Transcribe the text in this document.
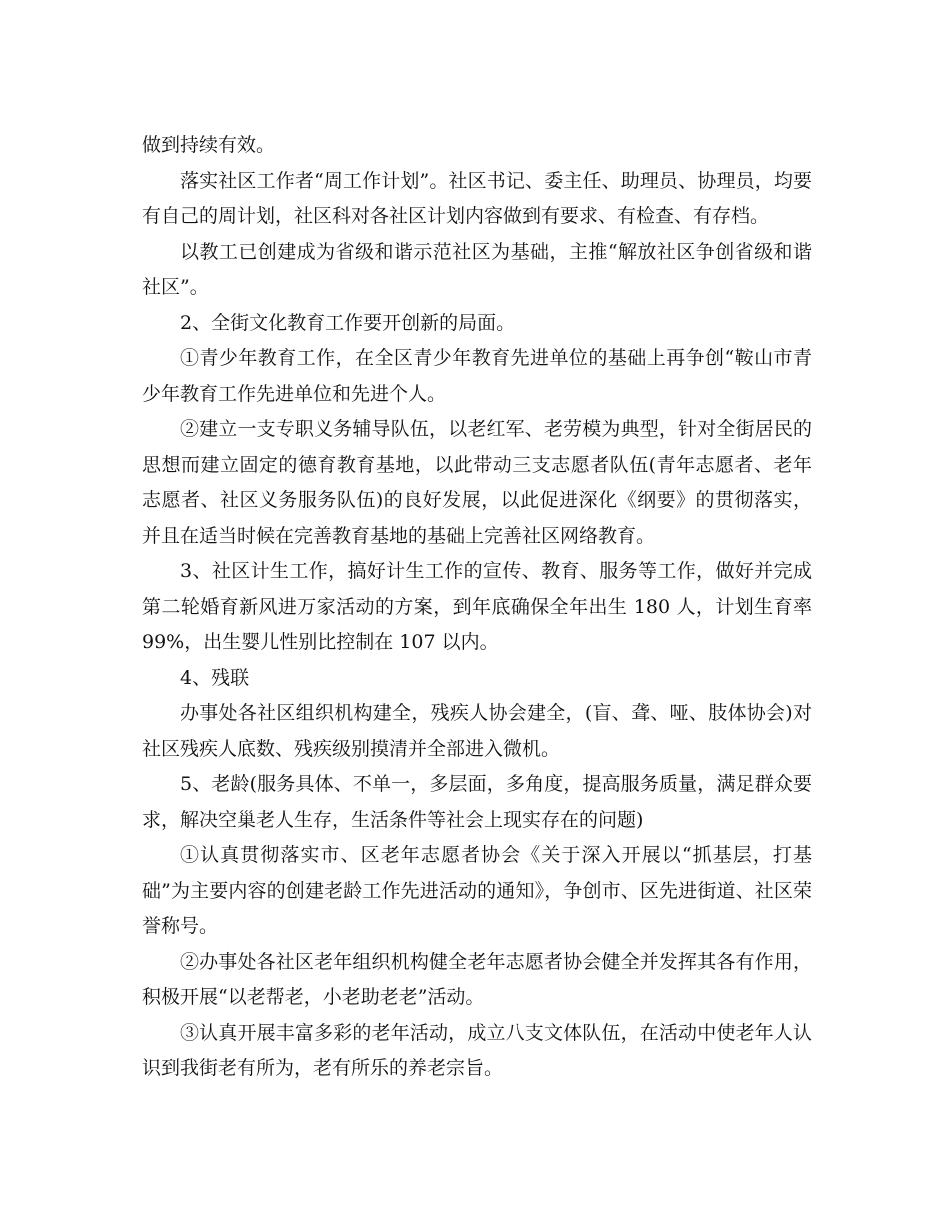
做到持续有效。

落实社区工作者“周工作计划”。社区书记、委主任、助理员、协理员，均要有自己的周计划，社区科对各社区计划内容做到有要求、有检查、有存档。

以教工已创建成为省级和谐示范社区为基础，主推“解放社区争创省级和谐社区”。

2、全街文化教育工作要开创新的局面。

①青少年教育工作，在全区青少年教育先进单位的基础上再争创“鞍山市青少年教育工作先进单位和先进个人。

②建立一支专职义务辅导队伍，以老红军、老劳模为典型，针对全街居民的思想而建立固定的德育教育基地，以此带动三支志愿者队伍(青年志愿者、老年志愿者、社区义务服务队伍)的良好发展，以此促进深化《纲要》的贯彻落实，并且在适当时候在完善教育基地的基础上完善社区网络教育。

3、社区计生工作，搞好计生工作的宣传、教育、服务等工作，做好并完成第二轮婚育新风进万家活动的方案，到年底确保全年出生 180 人，计划生育率 99%，出生婴儿性别比控制在 107 以内。

4、残联

办事处各社区组织机构建全，残疾人协会建全，(盲、聋、哑、肢体协会)对社区残疾人底数、残疾级别摸清并全部进入微机。

5、老龄(服务具体、不单一，多层面，多角度，提高服务质量，满足群众要求，解决空巢老人生存，生活条件等社会上现实存在的问题)

①认真贯彻落实市、区老年志愿者协会《关于深入开展以“抓基层，打基础”为主要内容的创建老龄工作先进活动的通知》，争创市、区先进街道、社区荣誉称号。

②办事处各社区老年组织机构健全老年志愿者协会健全并发挥其各有作用，积极开展“以老帮老，小老助老老”活动。

③认真开展丰富多彩的老年活动，成立八支文体队伍，在活动中使老年人认识到我街老有所为，老有所乐的养老宗旨。
